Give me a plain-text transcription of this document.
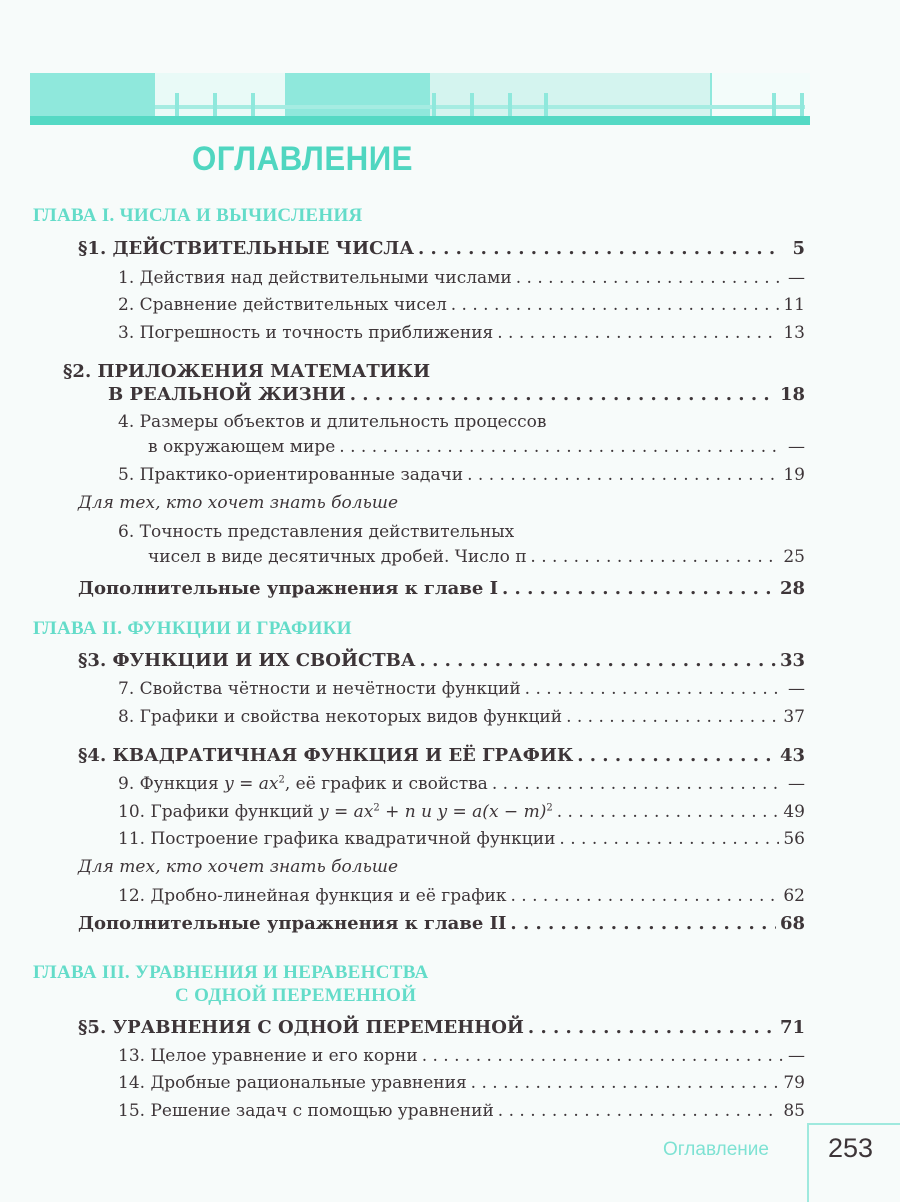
ОГЛАВЛЕНИЕ
ГЛАВА I. ЧИСЛА И ВЫЧИСЛЕНИЯ
§1. ДЕЙСТВИТЕЛЬНЫЕ ЧИСЛА . . .	5
1. Действия над действительными числами . . .	—
2. Сравнение действительных чисел . . .	11
3. Погрешность и точность приближения . . .	13
§2. ПРИЛОЖЕНИЯ МАТЕМАТИКИ
В РЕАЛЬНОЙ ЖИЗНИ . . .	18
4. Размеры объектов и длительность процессов
в окружающем мире . . .	—
5. Практико-ориентированные задачи . . .	19
Для тех, кто хочет знать больше
6. Точность представления действительных
чисел в виде десятичных дробей. Число π . . .	25
Дополнительные упражнения к главе I . . .	28
ГЛАВА II. ФУНКЦИИ И ГРАФИКИ
§3. ФУНКЦИИ И ИХ СВОЙСТВА . . .	33
7. Свойства чётности и нечётности функций . . .	—
8. Графики и свойства некоторых видов функций . . .	37
§4. КВАДРАТИЧНАЯ ФУНКЦИЯ И ЕЁ ГРАФИК . . .	43
9. Функция $y = ax^2$, её график и свойства . . .	—
10. Графики функций $y = ax^2 + n$ и $y = a(x - m)^2$ . . .	49
11. Построение графика квадратичной функции . . .	56
Для тех, кто хочет знать больше
12. Дробно-линейная функция и её график . . .	62
Дополнительные упражнения к главе II . . .	68
ГЛАВА III. УРАВНЕНИЯ И НЕРАВЕНСТВА
С ОДНОЙ ПЕРЕМЕННОЙ
§5. УРАВНЕНИЯ С ОДНОЙ ПЕРЕМЕННОЙ . . .	71
13. Целое уравнение и его корни . . .	—
14. Дробные рациональные уравнения . . .	79
15. Решение задач с помощью уравнений . . .	85
Оглавление 253
